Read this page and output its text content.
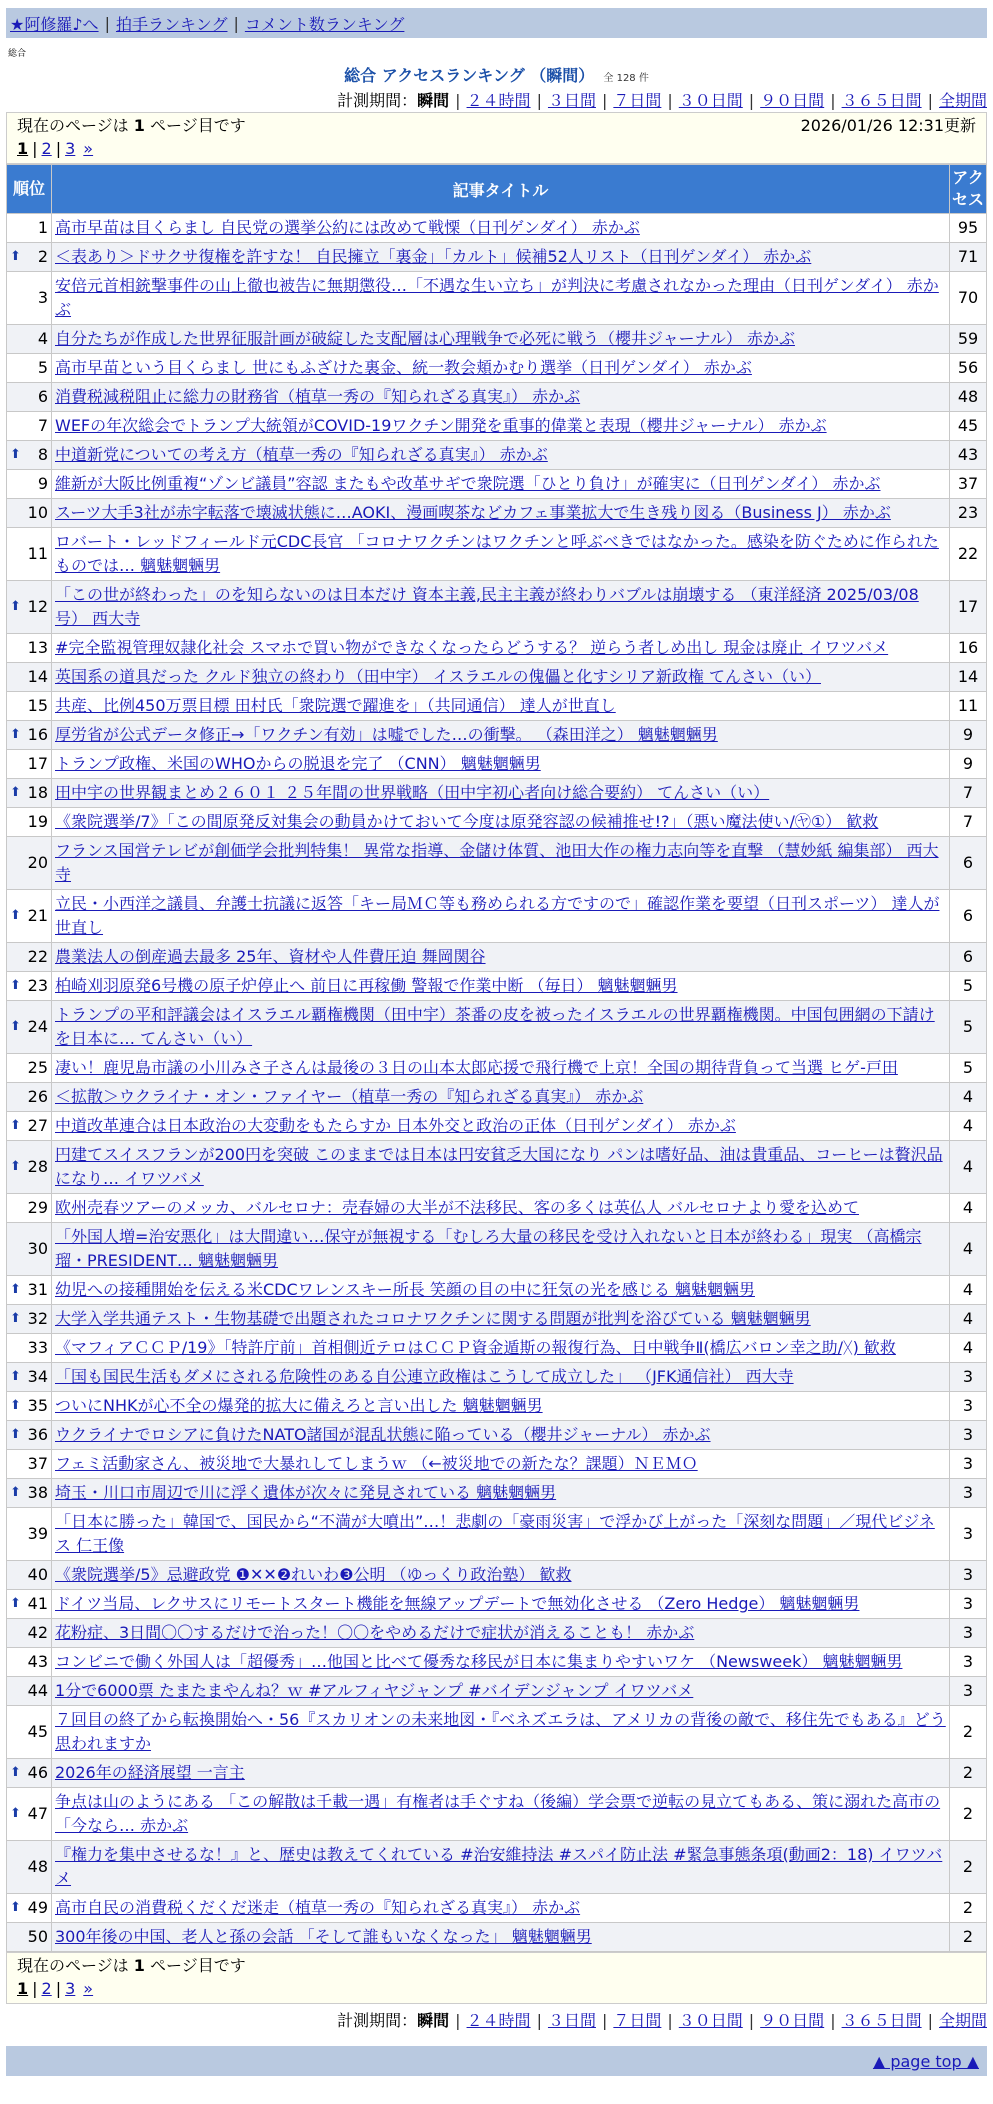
★阿修羅♪へ | 拍手ランキング | コメント数ランキング
総合
総合 アクセスランキング （瞬間） 全 128 件
計測期間：瞬間 | ２４時間 | ３日間 | ７日間 | ３０日間 | ９０日間 | ３６５日間 | 全期間
現在のページは 1 ページ目です	2026/01/26 12:31更新
1 | 2 | 3 »
順位	記事タイトル	アクセス
1	高市早苗は目くらまし 自民党の選挙公約には改めて戦慄（日刊ゲンダイ） 赤かぶ	95

⬆ 2	＜表あり＞ドサクサ復権を許すな！ 自民擁立「裏金」「カルト」候補52人リスト（日刊ゲンダイ） 赤かぶ	71
3	安倍元首相銃撃事件の山上徹也被告に無期懲役…「不遇な生い立ち」が判決に考慮されなかった理由（日刊ゲンダイ） 赤かぶ	70
4	自分たちが作成した世界征服計画が破綻した支配層は心理戦争で必死に戦う（櫻井ジャーナル） 赤かぶ	59
5	高市早苗という目くらまし 世にもふざけた裏金、統一教会頬かむり選挙（日刊ゲンダイ） 赤かぶ	56
6	消費税減税阻止に総力の財務省（植草一秀の『知られざる真実』） 赤かぶ	48
7	WEFの年次総会でトランプ大統領がCOVID-19ワクチン開発を重事的偉業と表現（櫻井ジャーナル） 赤かぶ	45

⬆ 8	中道新党についての考え方（植草一秀の『知られざる真実』） 赤かぶ	43
9	維新が大阪比例重複“ゾンビ議員”容認 またもや改革サギで衆院選「ひとり負け」が確実に（日刊ゲンダイ） 赤かぶ	37
10	スーツ大手3社が赤字転落で壊滅状態に…AOKI、漫画喫茶などカフェ事業拡大で生き残り図る（Business J） 赤かぶ	23
11	ロバート・レッドフィールド元CDC長官 「コロナワクチンはワクチンと呼ぶべきではなかった。感染を防ぐために作られたものでは… 魑魅魍魎男	22

⬆ 12	「この世が終わった」のを知らないのは日本だけ 資本主義,民主主義が終わりバブルは崩壊する （東洋経済 2025/03/08号） 西大寺	17
13	#完全監視管理奴隷化社会 スマホで買い物ができなくなったらどうする？ 逆らう者しめ出し 現金は廃止 イワツバメ	16
14	英国系の道具だった クルド独立の終わり（田中宇） イスラエルの傀儡と化すシリア新政権 てんさい（い）	14
15	共産、比例450万票目標 田村氏「衆院選で躍進を」（共同通信） 達人が世直し	11

⬆ 16	厚労省が公式データ修正→「ワクチン有効」は嘘でした…の衝撃。 （森田洋之） 魑魅魍魎男	9
17	トランプ政権、米国のWHOからの脱退を完了 （CNN） 魑魅魍魎男	9

⬆ 18	田中宇の世界観まとめ２６０１ ２５年間の世界戦略（田中宇初心者向け総合要約） てんさい（い）	7
19	《衆院選挙/7》「この間原発反対集会の動員かけておいて今度は原発容認の候補推せ!?」（悪い魔法使い/㋳①） 歓救	7
20	フランス国営テレビが創価学会批判特集！ 異常な指導、金儲け体質、池田大作の権力志向等を直撃 （慧妙紙 編集部） 西大寺	6

⬆ 21	立民・小西洋之議員、弁護士抗議に返答「キー局ＭＣ等も務められる方ですので」確認作業を要望（日刊スポーツ） 達人が世直し	6
22	農業法人の倒産過去最多 25年、資材や人件費圧迫 舞岡関谷	6

⬆ 23	柏崎刈羽原発6号機の原子炉停止へ 前日に再稼働 警報で作業中断 （毎日） 魑魅魍魎男	5

⬆ 24	トランプの平和評議会はイスラエル覇権機関（田中宇）茶番の皮を被ったイスラエルの世界覇権機関。中国包囲網の下請けを日本に… てんさい（い）	5
25	凄い！鹿児島市議の小川みさ子さんは最後の３日の山本太郎応援で飛行機で上京！全国の期待背負って当選 ヒゲ-戸田	5
26	＜拡散＞ウクライナ・オン・ファイヤー（植草一秀の『知られざる真実』） 赤かぶ	4

⬆ 27	中道改革連合は日本政治の大変動をもたらすか 日本外交と政治の正体（日刊ゲンダイ） 赤かぶ	4

⬆ 28	円建てスイスフランが200円を突破 このままでは日本は円安貧乏大国になり パンは嗜好品、油は貴重品、コーヒーは贅沢品になり… イワツバメ	4
29	欧州売春ツアーのメッカ、バルセロナ：売春婦の大半が不法移民、客の多くは英仏人 バルセロナより愛を込めて	4
30	「外国人増=治安悪化」は大間違い…保守が無視する「むしろ大量の移民を受け入れないと日本が終わる」現実 （高橋宗瑠・PRESIDENT… 魑魅魍魎男	4

⬆ 31	幼児への接種開始を伝える米CDCワレンスキー所長 笑顔の目の中に狂気の光を感じる 魑魅魍魎男	4

⬆ 32	大学入学共通テスト・生物基礎で出題されたコロナワクチンに関する問題が批判を浴びている 魑魅魍魎男	4
33	《マフィアＣＣＰ/19》「特許庁前」首相側近テロはＣＣＰ資金遁斯の報復行為、日中戦争Ⅱ(橋広バロン幸之助/ᚷ) 歓救	4

⬆ 34	「国も国民生活もダメにされる危険性のある自公連立政権はこうして成立した」 （JFK通信社） 西大寺	3

⬆ 35	ついにNHKが心不全の爆発的拡大に備えろと言い出した 魑魅魍魎男	3

⬆ 36	ウクライナでロシアに負けたNATO諸国が混乱状態に陥っている（櫻井ジャーナル） 赤かぶ	3
37	フェミ活動家さん、被災地で大暴れしてしまうｗ （←被災地での新たな？課題）ＮＥＭＯ	3

⬆ 38	埼玉・川口市周辺で川に浮く遺体が次々に発見されている 魑魅魍魎男	3
39	「日本に勝った」韓国で、国民から“不満が大噴出”…！悲劇の「豪雨災害」で浮かび上がった「深刻な問題」／現代ビジネス 仁王像	3
40	《衆院選挙/5》忌避政党 ❶✕✕❷れいわ❸公明 （ゆっくり政治塾） 歓救	3

⬆ 41	ドイツ当局、レクサスにリモートスタート機能を無線アップデートで無効化させる （Zero Hedge） 魑魅魍魎男	3
42	花粉症、3日間〇〇するだけで治った！〇〇をやめるだけで症状が消えることも！ 赤かぶ	3
43	コンビニで働く外国人は「超優秀」…他国と比べて優秀な移民が日本に集まりやすいワケ （Newsweek） 魑魅魍魎男	3
44	1分で6000票 たまたまやんね？ｗ #アルフィヤジャンプ #バイデンジャンプ イワツバメ	3
45	７回目の終了から転換開始へ・56『スカリオンの未来地図・『ベネズエラは、アメリカの背後の敵で、移住先でもある』どう思われますか	2

⬆ 46	2026年の経済展望 一言主	2

⬆ 47	争点は山のようにある 「この解散は千載一遇」有権者は手ぐすね（後編）学会票で逆転の見立てもある、策に溺れた高市の「今なら… 赤かぶ	2
48	『権力を集中させるな！』と、歴史は教えてくれている #治安維持法 #スパイ防止法 #緊急事態条項(動画2：18) イワツバメ	2

⬆ 49	高市自民の消費税くだくだ迷走（植草一秀の『知られざる真実』） 赤かぶ	2
50	300年後の中国、老人と孫の会話 「そして誰もいなくなった」 魑魅魍魎男	2
現在のページは 1 ページ目です
1 | 2 | 3 »
計測期間：瞬間 | ２４時間 | ３日間 | ７日間 | ３０日間 | ９０日間 | ３６５日間 | 全期間
▲ page top ▲
